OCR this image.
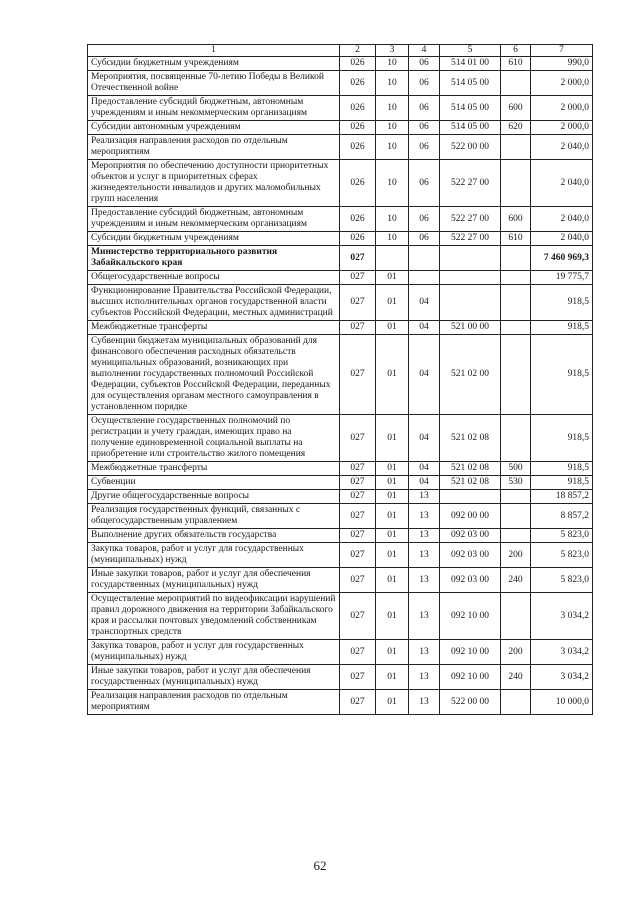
1	2	3	4	5	6	7
Субсидии бюджетным учреждениям	026	10	06	514 01 00	610	990,0
Мероприятия, посвященные 70-летию Победы в Великой Отечественной войне	026	10	06	514 05 00		2 000,0
Предоставление субсидий бюджетным, автономным учреждениям и иным некоммерческим организациям	026	10	06	514 05 00	600	2 000,0
Субсидии автономным учреждениям	026	10	06	514 05 00	620	2 000,0
Реализация направления расходов по отдельным мероприятиям	026	10	06	522 00 00		2 040,0
Мероприятия по обеспечению доступности приоритетных объектов и услуг в приоритетных сферах жизнедеятельности инвалидов и других маломобильных групп населения	026	10	06	522 27 00		2 040,0
Предоставление субсидий бюджетным, автономным учреждениям и иным некоммерческим организациям	026	10	06	522 27 00	600	2 040,0
Субсидии бюджетным учреждениям	026	10	06	522 27 00	610	2 040,0
Министерство территориального развития Забайкальского края	027					7 460 969,3
Общегосударственные вопросы	027	01				19 775,7
Функционирование Правительства Российской Федерации, высших исполнительных органов государственной власти субъектов Российской Федерации, местных администраций	027	01	04			918,5
Межбюджетные трансферты	027	01	04	521 00 00		918,5
Субвенции бюджетам муниципальных образований для финансового обеспечения расходных обязательств муниципальных образований, возникающих при выполнении государственных полномочий Российской Федерации, субъектов Российской Федерации, переданных для осуществления органам местного самоуправления в установленном порядке	027	01	04	521 02 00		918,5
Осуществление государственных полномочий по регистрации и учету граждан, имеющих право на получение единовременной социальной выплаты на приобретение или строительство жилого помещения	027	01	04	521 02 08		918,5
Межбюджетные трансферты	027	01	04	521 02 08	500	918,5
Субвенции	027	01	04	521 02 08	530	918,5
Другие общегосударственные вопросы	027	01	13			18 857,2
Реализация государственных функций, связанных с общегосударственным управлением	027	01	13	092 00 00		8 857,2
Выполнение других обязательств государства	027	01	13	092 03 00		5 823,0
Закупка товаров, работ и услуг для государственных (муниципальных) нужд	027	01	13	092 03 00	200	5 823,0
Иные закупки товаров, работ и услуг для обеспечения государственных (муниципальных) нужд	027	01	13	092 03 00	240	5 823,0
Осуществление мероприятий по видеофиксации нарушений правил дорожного движения на территории Забайкальского края и рассылки почтовых уведомлений собственникам транспортных средств	027	01	13	092 10 00		3 034,2
Закупка товаров, работ и услуг для государственных (муниципальных) нужд	027	01	13	092 10 00	200	3 034,2
Иные закупки товаров, работ и услуг для обеспечения государственных (муниципальных) нужд	027	01	13	092 10 00	240	3 034,2
Реализация направления расходов по отдельным мероприятиям	027	01	13	522 00 00		10 000,0
62
